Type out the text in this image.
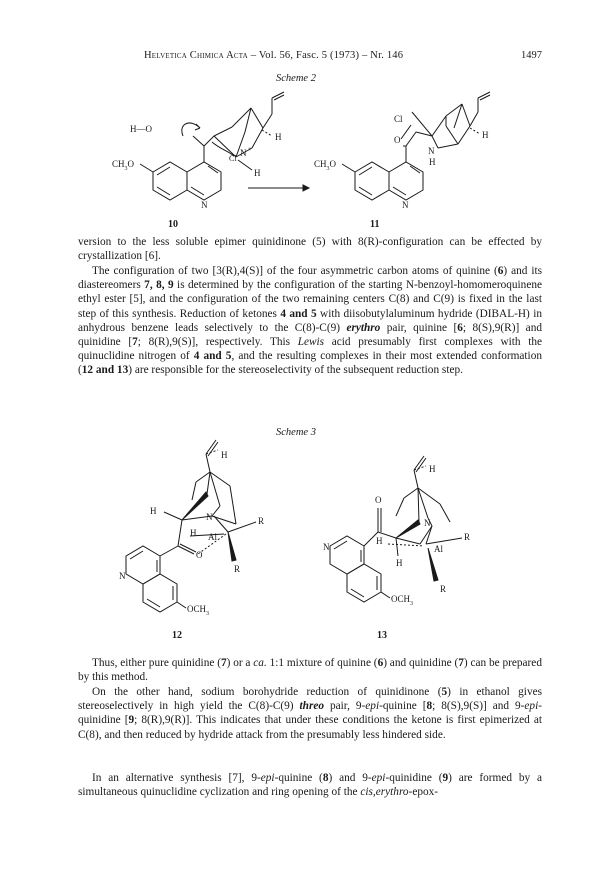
Helvetica Chimica Acta – Vol. 56, Fasc. 5 (1973) – Nr. 146	1497
Scheme 2
H—O
Cl
N +
H
H
$CH_3O$
N
Cl
O
N
H
H
$CH_3O$
N
10	11

version to the less soluble epimer quinidinone (5) with 8(R)-configuration can be effected by crystallization [6].

The configuration of two [3(R),4(S)] of the four asymmetric carbon atoms of quinine (6) and its diastereomers 7, 8, 9 is determined by the configuration of the starting N-benzoyl-homomeroquinene ethyl ester [5], and the configuration of the two remaining centers C(8) and C(9) is fixed in the last step of this synthesis. Reduction of ketones 4 and 5 with diisobutylaluminum hydride (DIBAL-H) in anhydrous benzene leads selectively to the C(8)-C(9) erythro pair, quinine [6; 8(S),9(R)] and quinidine [7; 8(R),9(S)], respectively. This Lewis acid presumably first complexes with the quinuclidine nitrogen of 4 and 5, and the resulting complexes in their most extended conformation (12 and 13) are responsible for the stereoselectivity of the subsequent reduction step.

Scheme 3
H
H
N
H Al
R
R
O
N
$OCH_3$
H
O
N
H
H
Al
R
R
N
$OCH_3$
12	13

Thus, either pure quinidine (7) or a ca. 1:1 mixture of quinine (6) and quinidine (7) can be prepared by this method.

On the other hand, sodium borohydride reduction of quinidinone (5) in ethanol gives stereoselectively in high yield the C(8)-C(9) threo pair, 9-epi-quinine [8; 8(S),9(S)] and 9-epi-quinidine [9; 8(R),9(R)]. This indicates that under these conditions the ketone is first epimerized at C(8), and then reduced by hydride attack from the presumably less hindered side.

In an alternative synthesis [7], 9-epi-quinine (8) and 9-epi-quinidine (9) are formed by a simultaneous quinuclidine cyclization and ring opening of the cis,erythro-epox-
